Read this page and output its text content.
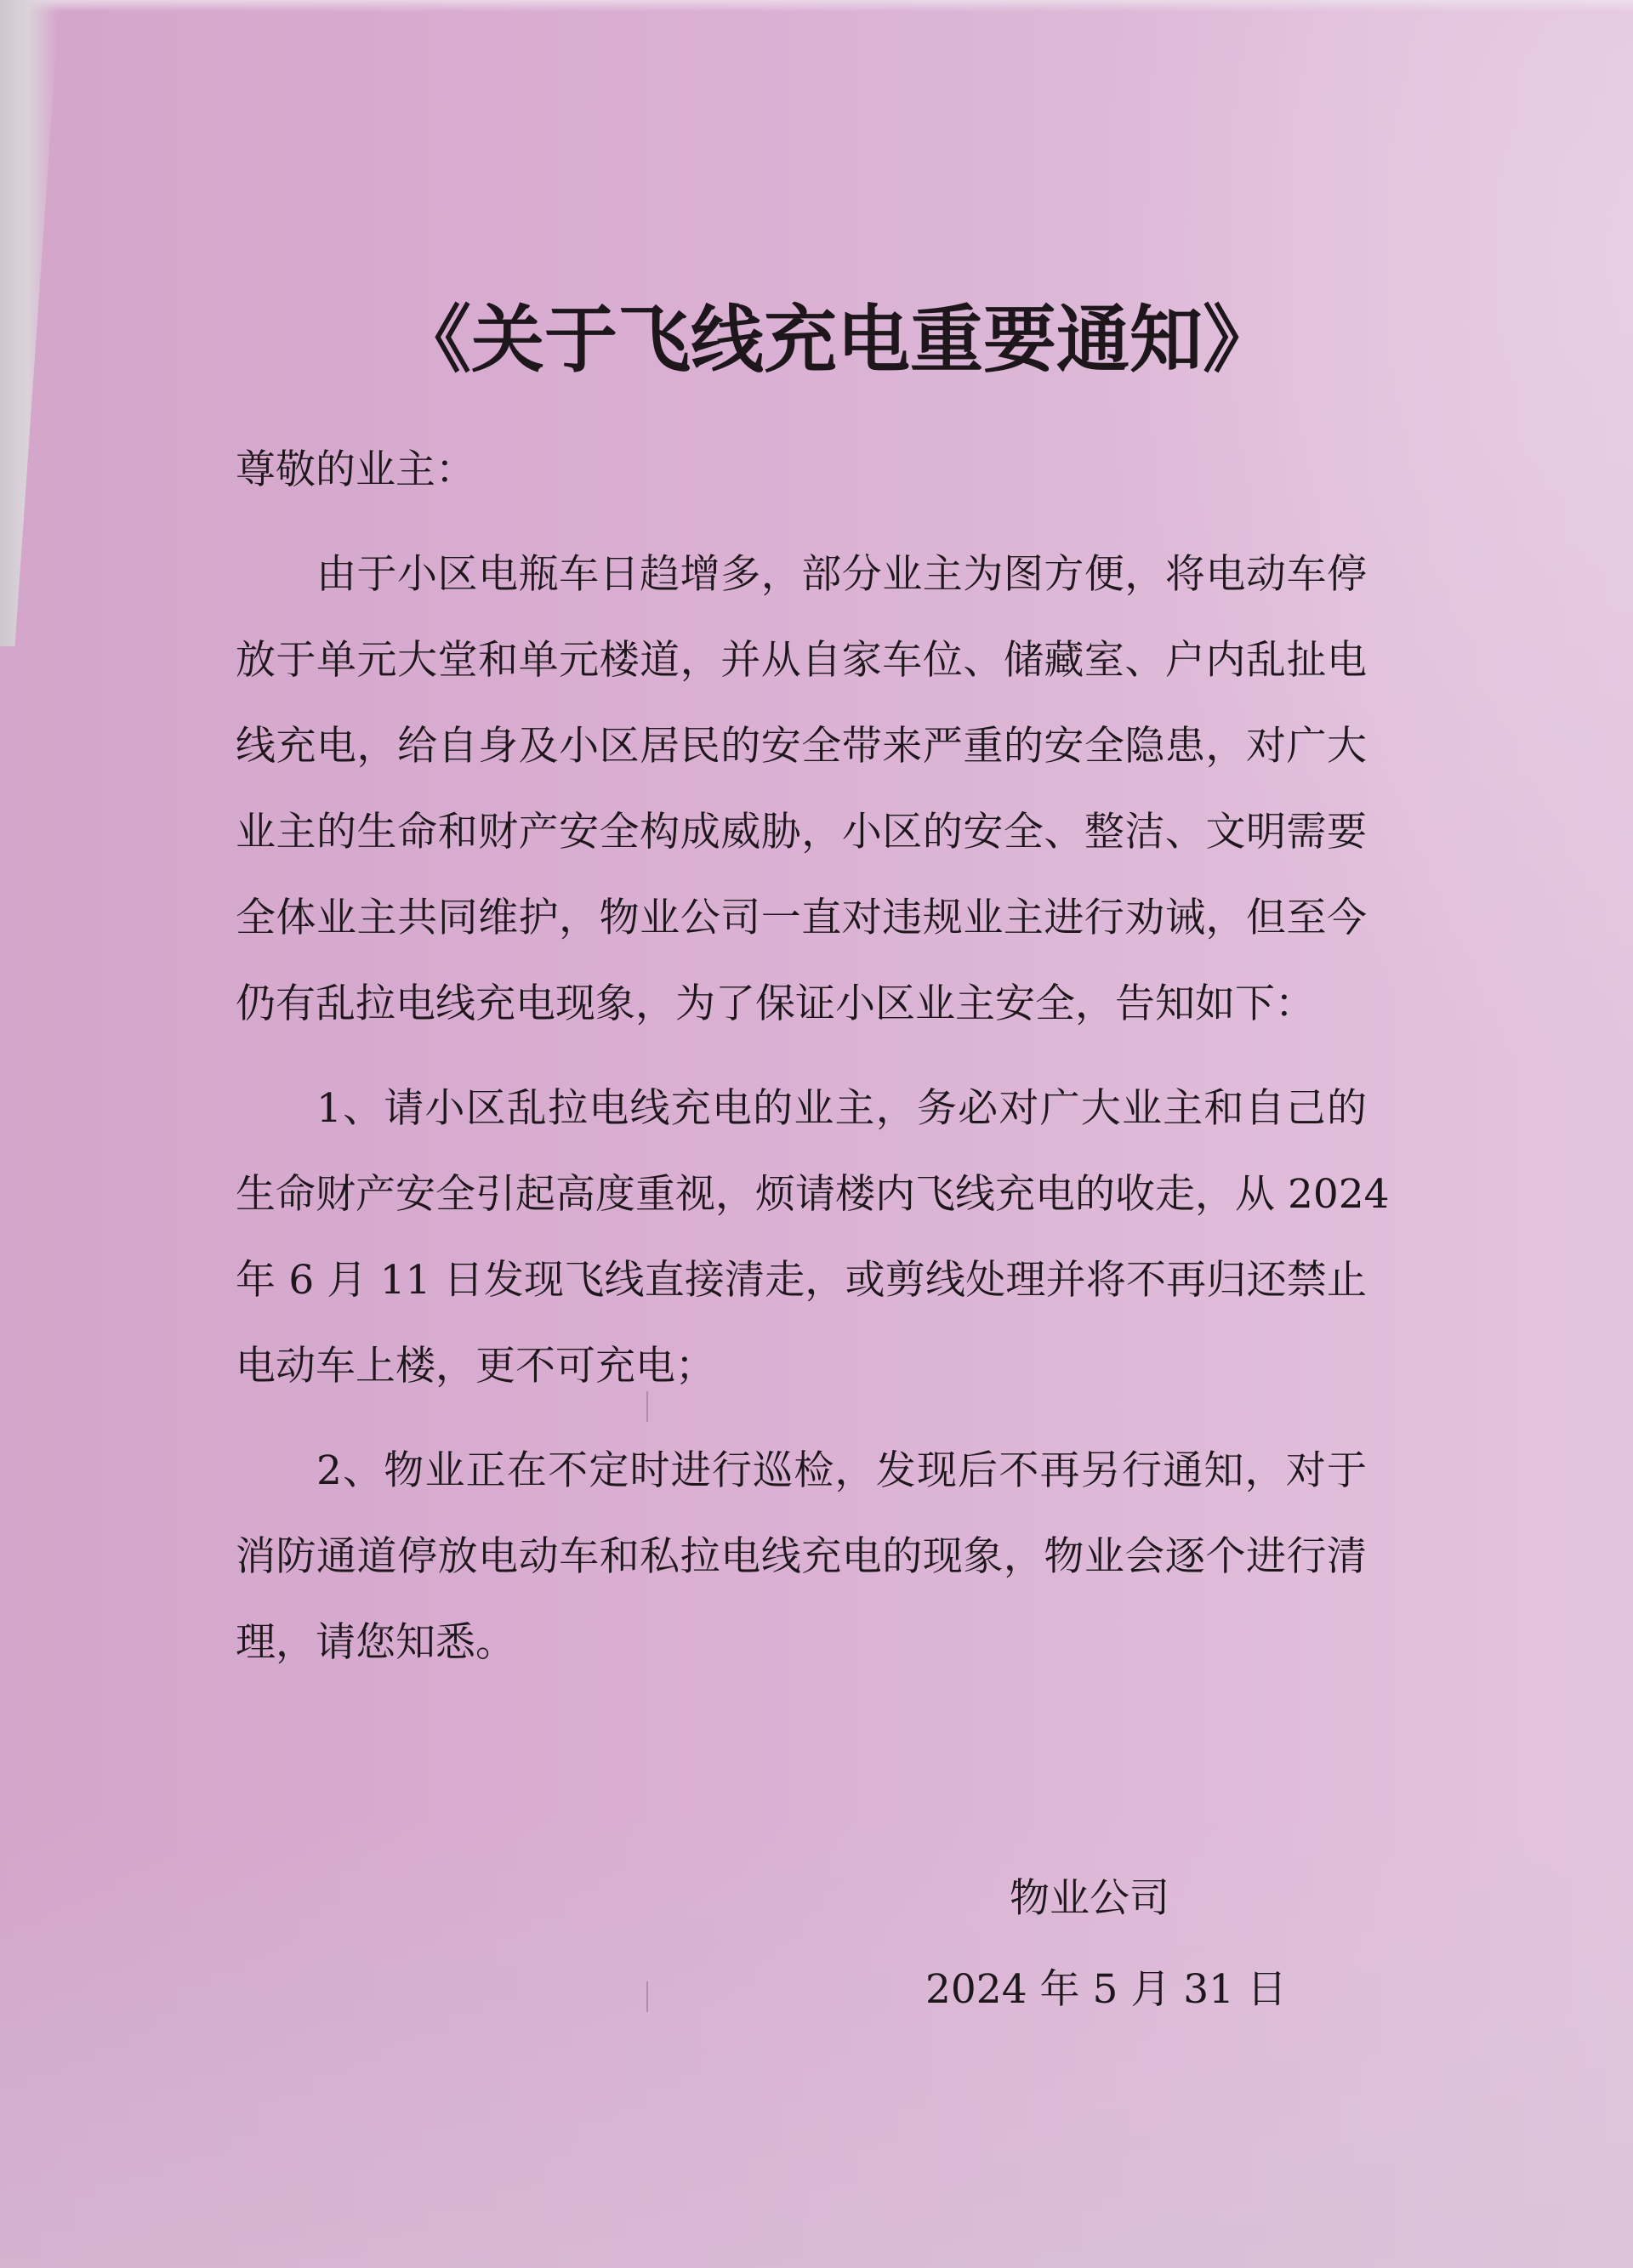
《关于飞线充电重要通知》
尊敬的业主：
由于小区电瓶车日趋增多，部分业主为图方便，将电动车停
放于单元大堂和单元楼道，并从自家车位、储藏室、户内乱扯电
线充电，给自身及小区居民的安全带来严重的安全隐患，对广大
业主的生命和财产安全构成威胁，小区的安全、整洁、文明需要
全体业主共同维护，物业公司一直对违规业主进行劝诫，但至今
仍有乱拉电线充电现象，为了保证小区业主安全，告知如下：
1、请小区乱拉电线充电的业主，务必对广大业主和自己的
生命财产安全引起高度重视，烦请楼内飞线充电的收走，从 2024
年 6 月 11 日发现飞线直接清走，或剪线处理并将不再归还禁止
电动车上楼，更不可充电；
2、物业正在不定时进行巡检，发现后不再另行通知，对于
消防通道停放电动车和私拉电线充电的现象，物业会逐个进行清
理，请您知悉。
物业公司
2024 年 5 月 31 日
